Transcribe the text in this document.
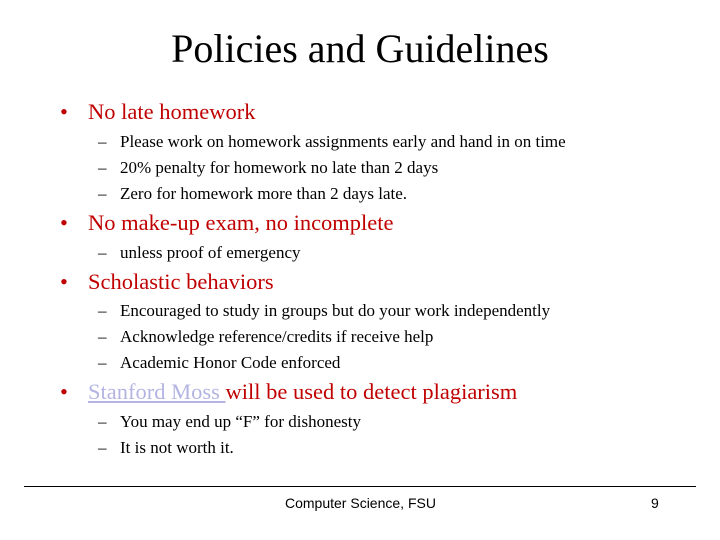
Policies and Guidelines
• No late homework
– Please work on homework assignments early and hand in on time
– 20% penalty for homework no late than 2 days
– Zero for homework more than 2 days late.
• No make-up exam, no incomplete
– unless proof of emergency
• Scholastic behaviors
– Encouraged to study in groups but do your work independently
– Acknowledge reference/credits if receive help
– Academic Honor Code enforced
• Stanford Moss will be used to detect plagiarism
– You may end up “F” for dishonesty
– It is not worth it.
Computer Science, FSU	9
